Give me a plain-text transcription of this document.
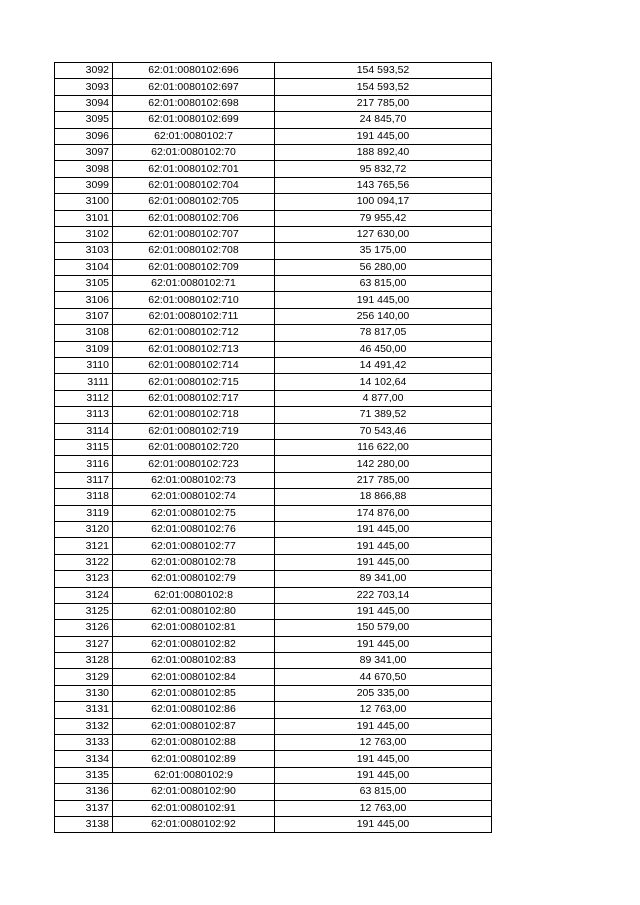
3092	62:01:0080102:696	154 593,52
3093	62:01:0080102:697	154 593,52
3094	62:01:0080102:698	217 785,00
3095	62:01:0080102:699	24 845,70
3096	62:01:0080102:7	191 445,00
3097	62:01:0080102:70	188 892,40
3098	62:01:0080102:701	95 832,72
3099	62:01:0080102:704	143 765,56
3100	62:01:0080102:705	100 094,17
3101	62:01:0080102:706	79 955,42
3102	62:01:0080102:707	127 630,00
3103	62:01:0080102:708	35 175,00
3104	62:01:0080102:709	56 280,00
3105	62:01:0080102:71	63 815,00
3106	62:01:0080102:710	191 445,00
3107	62:01:0080102:711	256 140,00
3108	62:01:0080102:712	78 817,05
3109	62:01:0080102:713	46 450,00
3110	62:01:0080102:714	14 491,42
3111	62:01:0080102:715	14 102,64
3112	62:01:0080102:717	4 877,00
3113	62:01:0080102:718	71 389,52
3114	62:01:0080102:719	70 543,46
3115	62:01:0080102:720	116 622,00
3116	62:01:0080102:723	142 280,00
3117	62:01:0080102:73	217 785,00
3118	62:01:0080102:74	18 866,88
3119	62:01:0080102:75	174 876,00
3120	62:01:0080102:76	191 445,00
3121	62:01:0080102:77	191 445,00
3122	62:01:0080102:78	191 445,00
3123	62:01:0080102:79	89 341,00
3124	62:01:0080102:8	222 703,14
3125	62:01:0080102:80	191 445,00
3126	62:01:0080102:81	150 579,00
3127	62:01:0080102:82	191 445,00
3128	62:01:0080102:83	89 341,00
3129	62:01:0080102:84	44 670,50
3130	62:01:0080102:85	205 335,00
3131	62:01:0080102:86	12 763,00
3132	62:01:0080102:87	191 445,00
3133	62:01:0080102:88	12 763,00
3134	62:01:0080102:89	191 445,00
3135	62:01:0080102:9	191 445,00
3136	62:01:0080102:90	63 815,00
3137	62:01:0080102:91	12 763,00
3138	62:01:0080102:92	191 445,00
